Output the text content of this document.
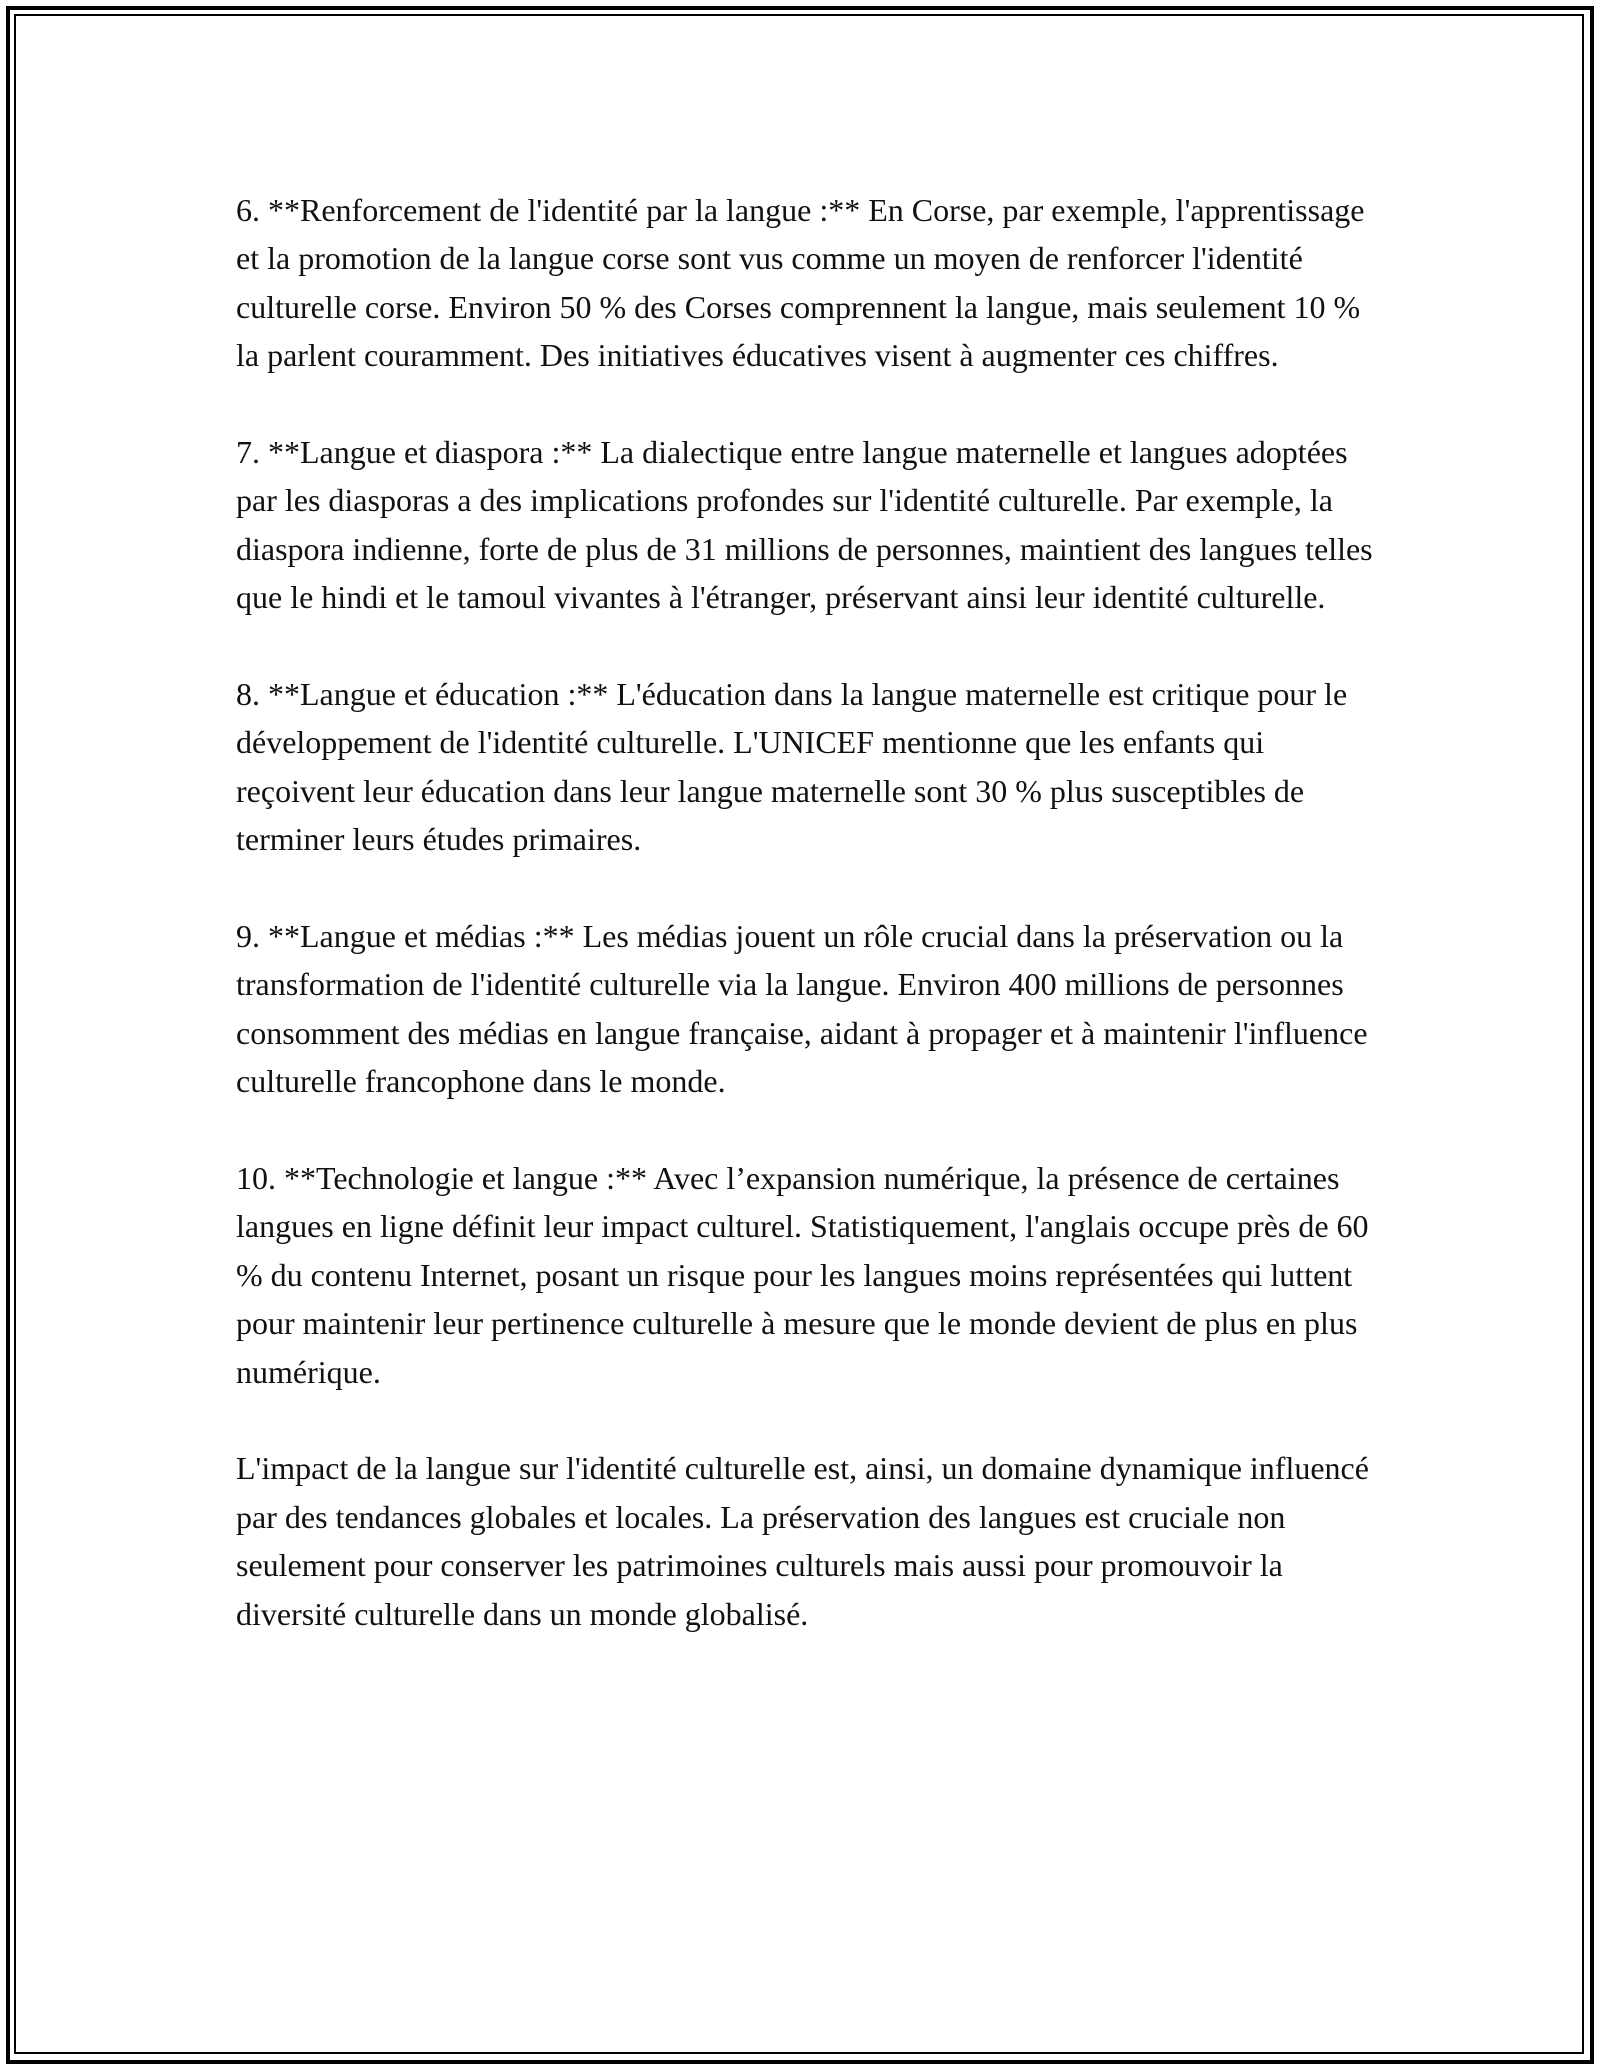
6. **Renforcement de l'identité par la langue :** En Corse, par exemple, l'apprentissage et la promotion de la langue corse sont vus comme un moyen de renforcer l'identité culturelle corse. Environ 50 % des Corses comprennent la langue, mais seulement 10 % la parlent couramment. Des initiatives éducatives visent à augmenter ces chiffres.

7. **Langue et diaspora :** La dialectique entre langue maternelle et langues adoptées par les diasporas a des implications profondes sur l'identité culturelle. Par exemple, la diaspora indienne, forte de plus de 31 millions de personnes, maintient des langues telles que le hindi et le tamoul vivantes à l'étranger, préservant ainsi leur identité culturelle.

8. **Langue et éducation :** L'éducation dans la langue maternelle est critique pour le développement de l'identité culturelle. L'UNICEF mentionne que les enfants qui reçoivent leur éducation dans leur langue maternelle sont 30 % plus susceptibles de terminer leurs études primaires.

9. **Langue et médias :** Les médias jouent un rôle crucial dans la préservation ou la transformation de l'identité culturelle via la langue. Environ 400 millions de personnes consomment des médias en langue française, aidant à propager et à maintenir l'influence culturelle francophone dans le monde.

10. **Technologie et langue :** Avec l’expansion numérique, la présence de certaines langues en ligne définit leur impact culturel. Statistiquement, l'anglais occupe près de 60 % du contenu Internet, posant un risque pour les langues moins représentées qui luttent pour maintenir leur pertinence culturelle à mesure que le monde devient de plus en plus numérique.

L'impact de la langue sur l'identité culturelle est, ainsi, un domaine dynamique influencé par des tendances globales et locales. La préservation des langues est cruciale non seulement pour conserver les patrimoines culturels mais aussi pour promouvoir la diversité culturelle dans un monde globalisé.
